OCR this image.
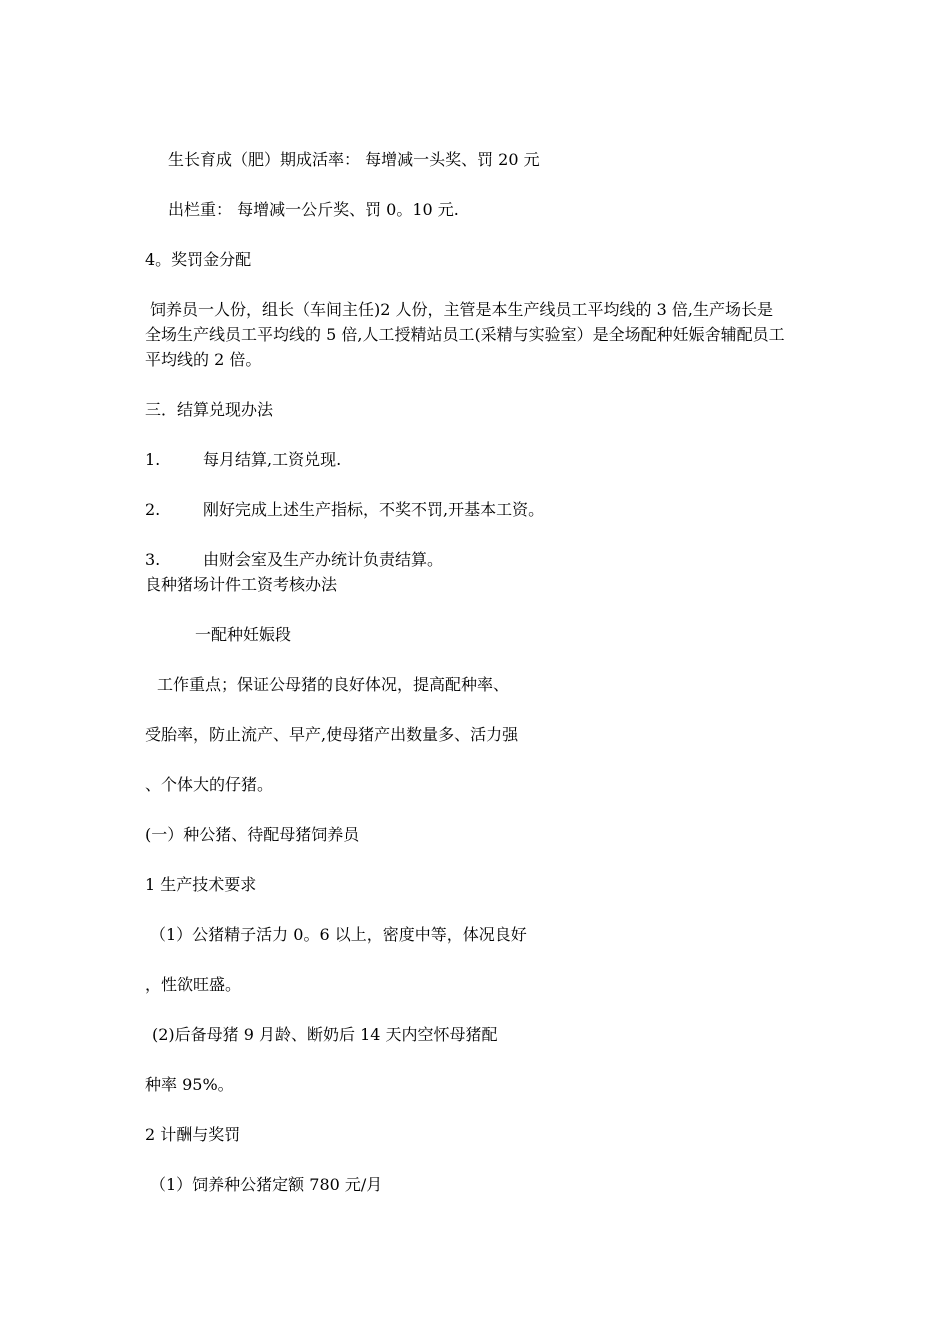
生长育成（肥）期成活率： 每增减一头奖、罚 20 元
出栏重： 每增减一公斤奖、罚 0。10 元.
4。奖罚金分配
饲养员一人份，组长（车间主任)2 人份，主管是本生产线员工平均线的 3 倍,生产场长是
全场生产线员工平均线的 5 倍,人工授精站员工(采精与实验室）是全场配种妊娠舍辅配员工
平均线的 2 倍。
三．结算兑现办法
1.	每月结算,工资兑现.
2.	刚好完成上述生产指标，不奖不罚,开基本工资。
3.	由财会室及生产办统计负责结算。
良种猪场计件工资考核办法
一配种妊娠段
工作重点；保证公母猪的良好体况，提高配种率、
受胎率，防止流产、早产,使母猪产出数量多、活力强
、个体大的仔猪。
(一）种公猪、待配母猪饲养员
1 生产技术要求
（1）公猪精子活力 0。6 以上，密度中等，体况良好
，性欲旺盛。
(2)后备母猪 9 月龄、断奶后 14 天内空怀母猪配
种率 95%。
2 计酬与奖罚
（1）饲养种公猪定额 780 元/月
